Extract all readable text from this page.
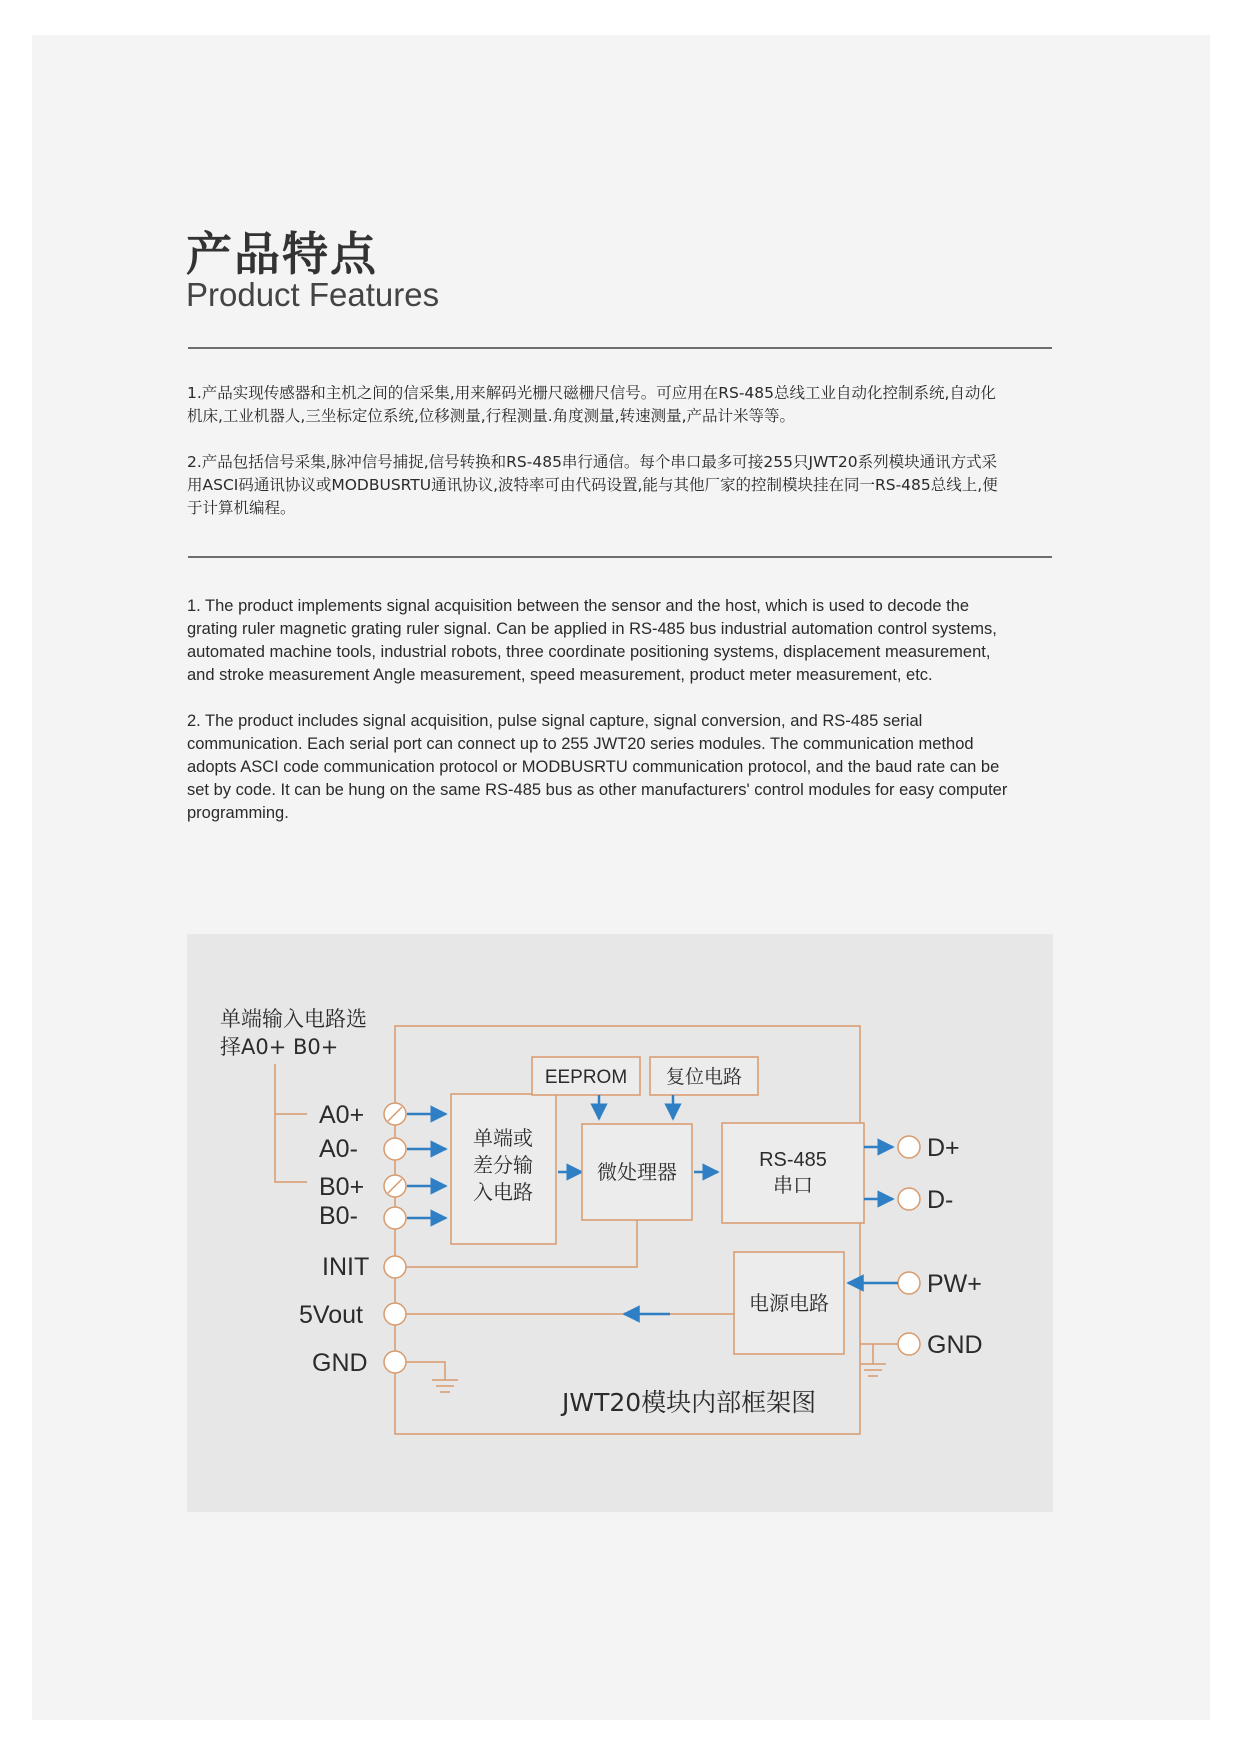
产品特点
Product Features
1.产品实现传感器和主机之间的信采集,用来解码光栅尺磁栅尺信号。可应用在RS-485总线工业自动化控制系统,自动化
机床,工业机器人,三坐标定位系统,位移测量,行程测量.角度测量,转速测量,产品计米等等。
2.产品包括信号采集,脉冲信号捕捉,信号转换和RS-485串行通信。每个串口最多可接255只JWT20系列模块通讯方式采
用ASCI码通讯协议或MODBUSRTU通讯协议,波特率可由代码设置,能与其他厂家的控制模块挂在同一RS-485总线上,便
于计算机编程。
1. The product implements signal acquisition between the sensor and the host, which is used to decode the
grating ruler magnetic grating ruler signal. Can be applied in RS-485 bus industrial automation control systems,
automated machine tools, industrial robots, three coordinate positioning systems, displacement measurement,
and stroke measurement Angle measurement, speed measurement, product meter measurement, etc.
2. The product includes signal acquisition, pulse signal capture, signal conversion, and RS-485 serial
communication. Each serial port can connect up to 255 JWT20 series modules. The communication method
adopts ASCI code communication protocol or MODBUSRTU communication protocol, and the baud rate can be
set by code. It can be hung on the same RS-485 bus as other manufacturers' control modules for easy computer
programming.
单端输入电路选
择A0+ B0+
A0+
A0-
B0+
B0-
INIT
5Vout
GND
单端或
差分输
入电路
EEPROM 复位电路
微处理器	RS-485
串口
D+
D-
PW+
GND
电源电路
JWT20模块内部框架图
